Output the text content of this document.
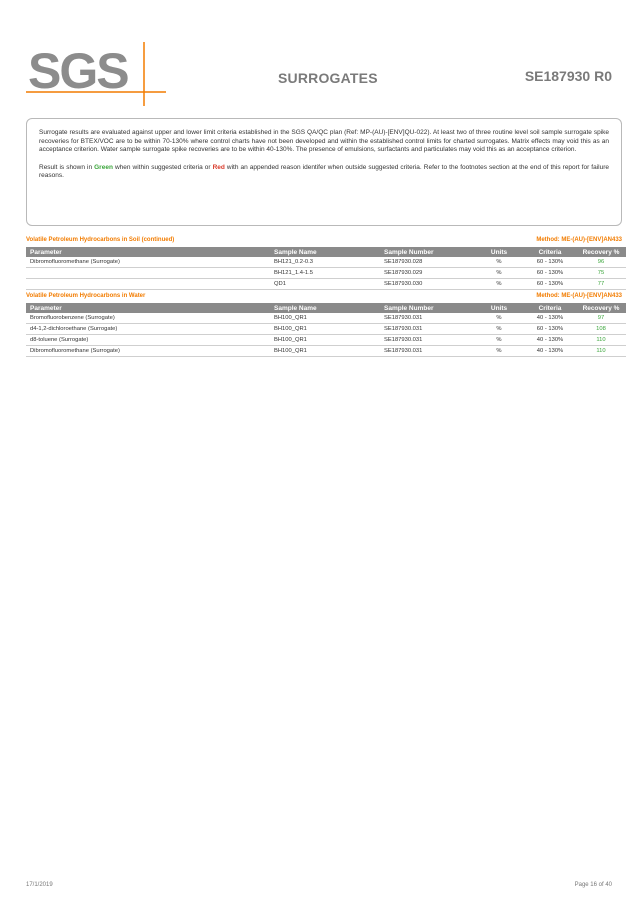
SGS	SURROGATES	SE187930 R0

Surrogate results are evaluated against upper and lower limit criteria established in the SGS QA/QC plan (Ref: MP-(AU)-[ENV]QU-022). At least two of three routine level soil sample surrogate spike recoveries for BTEX/VOC are to be within 70-130% where control charts have not been developed and within the established control limits for charted surrogates. Matrix effects may void this as an acceptance criterion. Water sample surrogate spike recoveries are to be within 40-130%. The presence of emulsions, surfactants and particulates may void this as an acceptance criterion.

Result is shown in Green when within suggested criteria or Red with an appended reason identifer when outside suggested criteria. Refer to the footnotes section at the end of this report for failure reasons.

Volatile Petroleum Hydrocarbons in Soil (continued)	Method: ME-(AU)-[ENV]AN433
Parameter	Sample Name	Sample Number	Units	Criteria	Recovery %
Dibromofluoromethane (Surrogate)	BH121_0.2-0.3	SE187930.028	%	60 - 130%	96
	BH121_1.4-1.5	SE187930.029	%	60 - 130%	75
	QD1	SE187930.030	%	60 - 130%	77
Volatile Petroleum Hydrocarbons in Water	Method: ME-(AU)-[ENV]AN433
Parameter	Sample Name	Sample Number	Units	Criteria	Recovery %
Bromofluorobenzene (Surrogate)	BH100_QR1	SE187930.031	%	40 - 130%	97
d4-1,2-dichloroethane (Surrogate)	BH100_QR1	SE187930.031	%	60 - 130%	108
d8-toluene (Surrogate)	BH100_QR1	SE187930.031	%	40 - 130%	110
Dibromofluoromethane (Surrogate)	BH100_QR1	SE187930.031	%	40 - 130%	110
17/1/2019	Page 16 of 40
